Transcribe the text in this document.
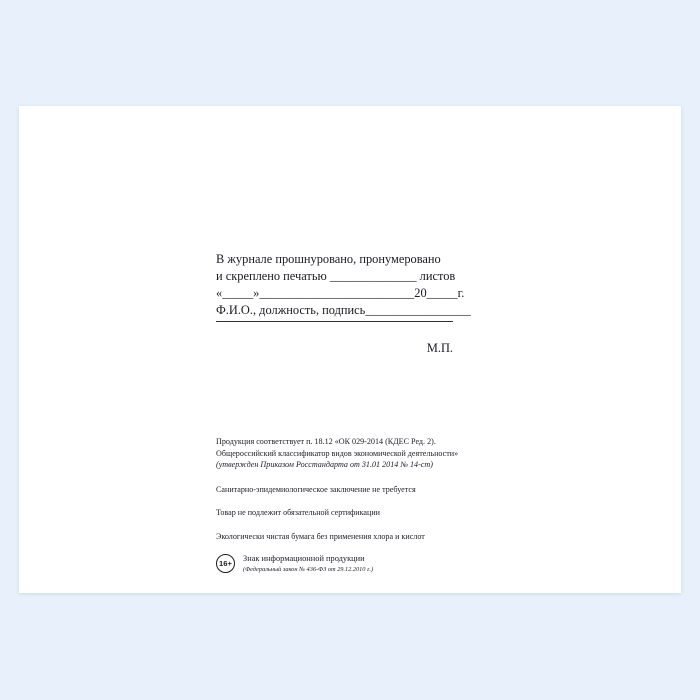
В журнале прошнуровано, пронумеровано
и скреплено печатью ______________ листов
«_____»_________________________20_____г.
Ф.И.О., должность, подпись_________________
М.П.
Продукция соответствует п. 18.12 «ОК 029-2014 (КДЕС Ред. 2).
Общероссийский классификатор видов экономической деятельности»
(утвержден Приказом Росстандарта от 31.01 2014 № 14-ст)
Санитарно-эпидемиологическое заключение не требуется
Товар не подлежит обязательной сертификации
Экологически чистая бумага без применения хлора и кислот
16+
Знак информационной продукции
(Федеральный закон № 436-ФЗ от 29.12.2010 г.)
